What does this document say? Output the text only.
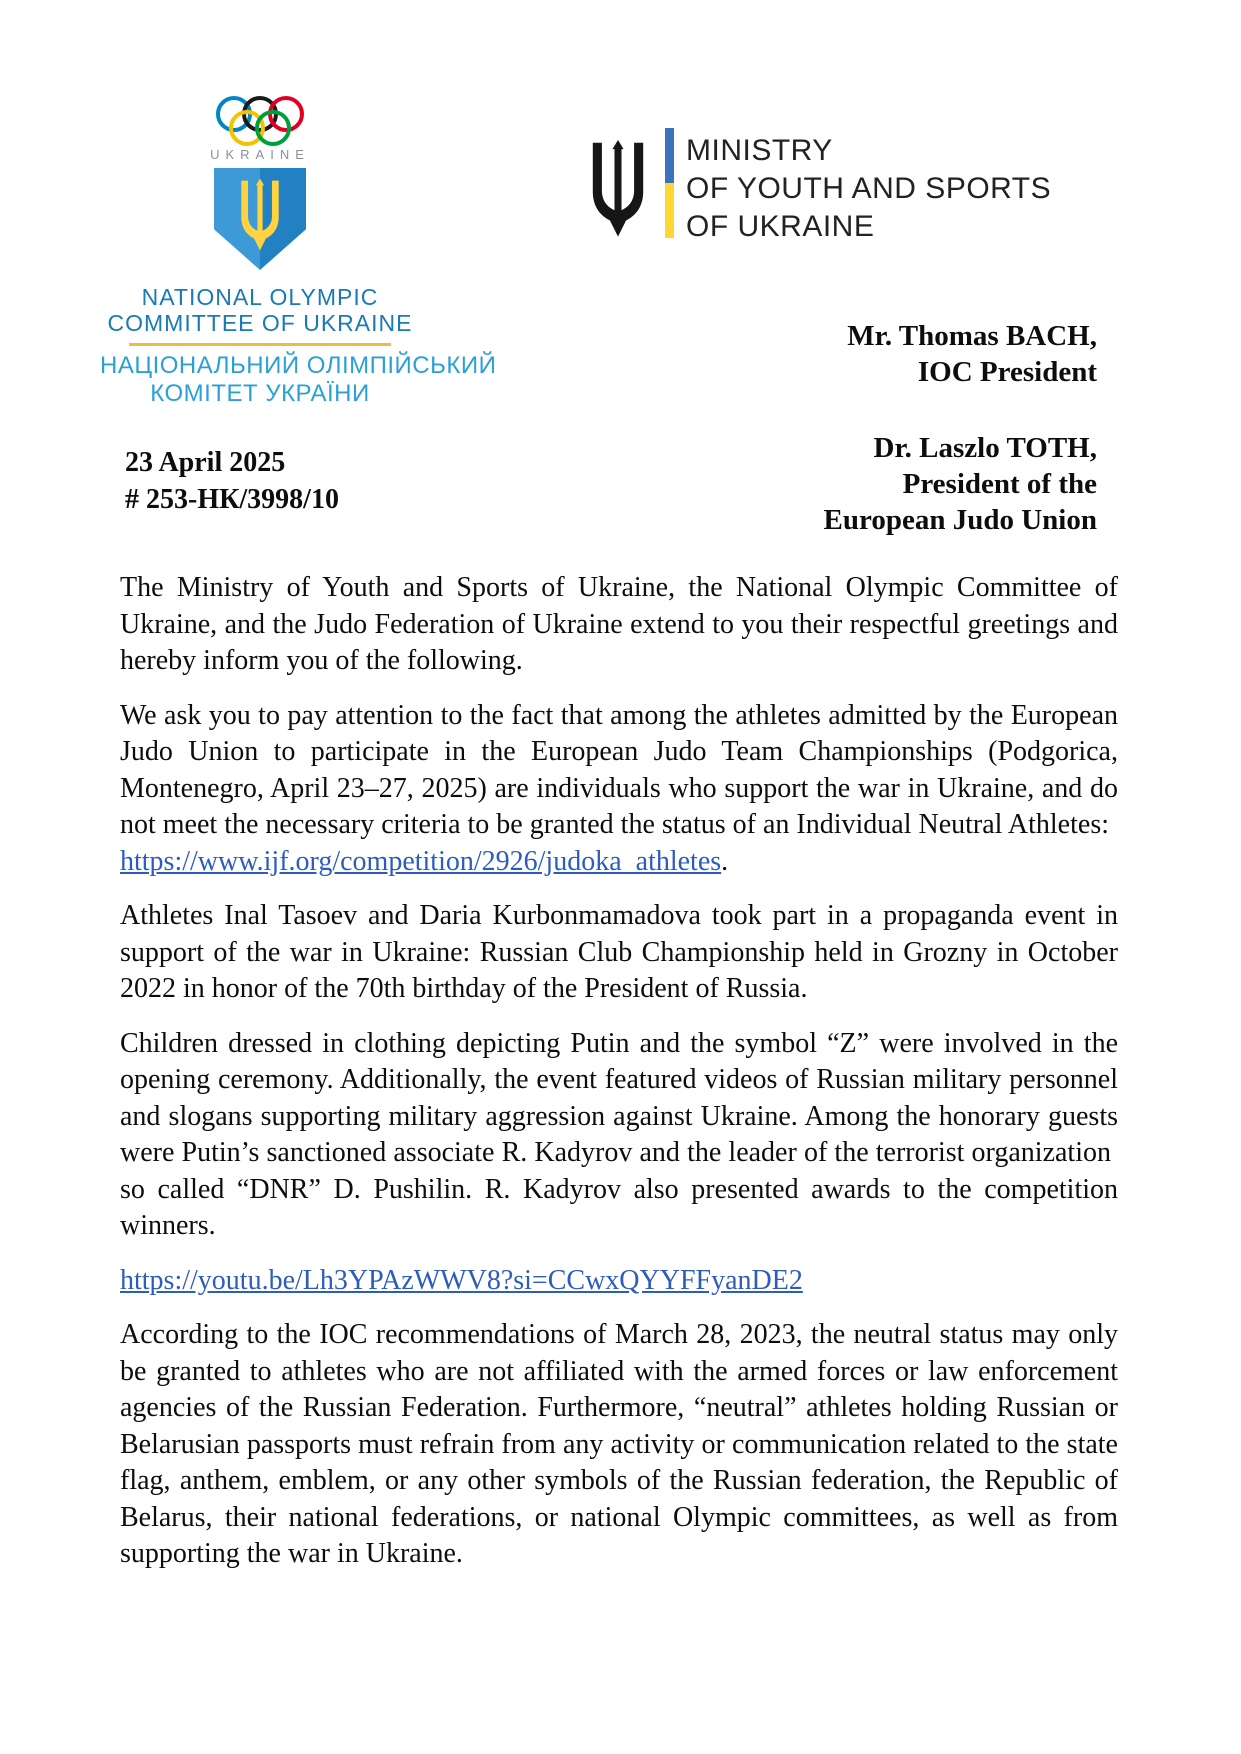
UKRAINE
NATIONAL OLYMPIC
COMMITTEE OF UKRAINE
НАЦІОНАЛЬНИЙ ОЛІМПІЙСЬКИЙ
КОМІТЕТ УКРАЇНИ
MINISTRY
OF YOUTH AND SPORTS
OF UKRAINE
23 April 2025
# 253-НК/3998/10
Mr. Thomas BACH,
IOC President
Dr. Laszlo TOTH,
President of the
European Judo Union

The Ministry of Youth and Sports of Ukraine, the National Olympic Committee of Ukraine, and the Judo Federation of Ukraine extend to you their respectful greetings and hereby inform you of the following.

We ask you to pay attention to the fact that among the athletes admitted by the European Judo Union to participate in the European Judo Team Championships (Podgorica, Montenegro, April 23–27, 2025) are individuals who support the war in Ukraine, and do not meet the necessary criteria to be granted the status of an Individual Neutral Athletes:
https://www.ijf.org/competition/2926/judoka_athletes.

Athletes Inal Tasoev and Daria Kurbonmamadova took part in a propaganda event in support of the war in Ukraine: Russian Club Championship held in Grozny in October 2022 in honor of the 70th birthday of the President of Russia.

Children dressed in clothing depicting Putin and the symbol “Z” were involved in the opening ceremony. Additionally, the event featured videos of Russian military personnel and slogans supporting military aggression against Ukraine. Among the honorary guests were Putin’s sanctioned associate R. Kadyrov and the leader of the terrorist organization  so called “DNR” D. Pushilin. R. Kadyrov also presented awards to the competition winners.

https://youtu.be/Lh3YPAzWWV8?si=CCwxQYYFFyanDE2

According to the IOC recommendations of March 28, 2023, the neutral status may only be granted to athletes who are not affiliated with the armed forces or law enforcement agencies of the Russian Federation. Furthermore, “neutral” athletes holding Russian or Belarusian passports must refrain from any activity or communication related to the state flag, anthem, emblem, or any other symbols of the Russian federation, the Republic of Belarus, their national federations, or national Olympic committees, as well as from supporting the war in Ukraine.
